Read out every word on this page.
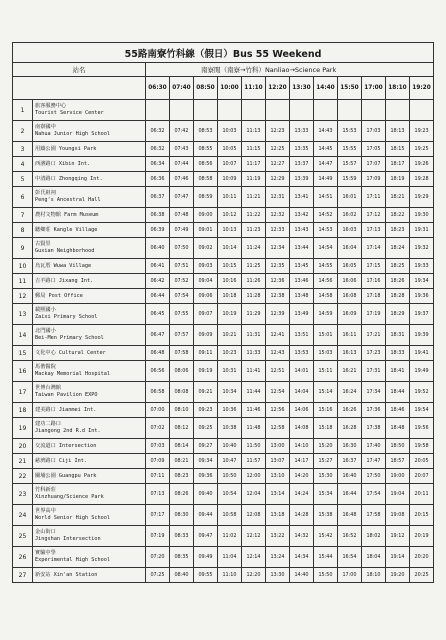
55路南寮竹科線（假日）Bus 55 Weekend													
站名		南寮閒（南寮→竹科）Nanliao→Science Park											
		06:30	07:40	08:50	10:00	11:10	12:20	13:30	14:40	15:50	17:00	18:10	19:20
1	旅客服務中心
Tourist Service Center												

2	南寮國中
Nahua Junior High School	06:32	07:42	08:53	10:03	11:13	12:23	13:33	14:43	15:53	17:03	18:13	19:23
3	用鑄公園 Youngxi Park	06:32	07:43	08:55	10:05	11:15	12:25	13:35	14:45	15:55	17:05	18:15	19:25
4	西濱路口 Xibin Int.	06:34	07:44	08:56	10:07	11:17	12:27	13:37	14:47	15:57	17:07	18:17	19:26
5	中清路口 Zhongqing Int.	06:36	07:46	08:58	10:09	11:19	12:29	13:39	14:49	15:59	17:09	18:19	19:28
6	彭氏祖祠
Peng's Ancestral Hall	06:37	07:47	08:59	10:11	11:21	12:31	13:41	14:51	16:01	17:11	18:21	19:29
7	農村文物館 Farm Museum	06:38	07:48	09:00	10:12	11:22	12:32	13:42	14:52	16:02	17:12	18:22	19:30
8	聽鄉莊 Kangle Village	06:39	07:49	09:01	10:13	11:23	12:33	13:43	14:53	16:03	17:13	18:23	19:31
9	古賢里
Guxian Neighborhood	06:40	07:50	09:02	10:14	11:24	12:34	13:44	14:54	16:04	17:14	18:24	19:32
10	烏瓦厝 Wuwa Village	06:41	07:51	09:03	10:15	11:25	12:35	13:45	14:55	16:05	17:15	18:25	19:33
11	吉羊路口 Jixang Int.	06:42	07:52	09:04	10:16	11:26	12:36	13:46	14:56	16:06	17:16	18:26	19:34
12	郵局 Post Office	06:44	07:54	09:06	10:18	11:28	12:38	13:48	14:58	16:08	17:18	18:28	19:36
13	載熙國小
Zaixi Primary School	06:45	07:55	09:07	10:19	11:29	12:39	13:49	14:59	16:09	17:19	18:29	19:37
14	北門國小
Bei-Men Primary School	06:47	07:57	09:09	10:21	11:31	12:41	13:51	15:01	16:11	17:21	18:31	19:39
15	文化中心 Cultural Center	06:48	07:58	09:11	10:23	11:33	12:43	13:53	15:03	16:13	17:23	18:33	19:41
16	馬偕醫院
Mackay Memorial Hospital	06:56	08:06	09:19	10:31	11:41	12:51	14:01	15:11	16:21	17:31	18:41	19:49
17	世博台灣館
Taiwan Pavilion EXPO	06:58	08:08	09:21	10:34	11:44	12:54	14:04	15:14	16:24	17:34	18:44	19:52
18	建美路口 Jianmei Int.	07:00	08:10	09:23	10:36	11:46	12:56	14:06	15:16	16:26	17:36	18:46	19:54
19	建功二路口
Jiangong 2nd R.d Int.	07:02	08:12	09:25	10:38	11:48	12:58	14:08	15:18	16:28	17:38	18:48	19:56
20	交流道口 Intersection	07:03	08:14	09:27	10:40	11:50	13:00	14:10	15:20	16:30	17:40	18:50	19:58
21	慈濟路口 Ciji Int.	07:09	08:21	09:34	10:47	11:57	13:07	14:17	15:27	16:37	17:47	18:57	20:05
22	關埔公園 Guangpu Park	07:11	08:23	09:36	10:50	12:00	13:10	14:20	15:30	16:40	17:50	19:00	20:07
23	竹科新莊
Xinzhuang/Science Park	07:13	08:26	09:40	10:54	12:04	13:14	14:24	15:34	16:44	17:54	19:04	20:11
24	世界高中
World Senior High School	07:17	08:30	09:44	10:58	12:08	13:18	14:28	15:38	16:48	17:58	19:08	20:15
25	金山街口
Jingshan Intersection	07:19	08:33	09:47	11:02	12:12	13:22	14:32	15:42	16:52	18:02	19:12	20:19
26	實驗中學
Experimental High School	07:20	08:35	09:49	11:04	12:14	13:24	14:34	15:44	16:54	18:04	19:14	20:20
27	新安站 Xin'an Station	07:25	08:40	09:55	11:10	12:20	13:30	14:40	15:50	17:00	18:10	19:20	20:25
